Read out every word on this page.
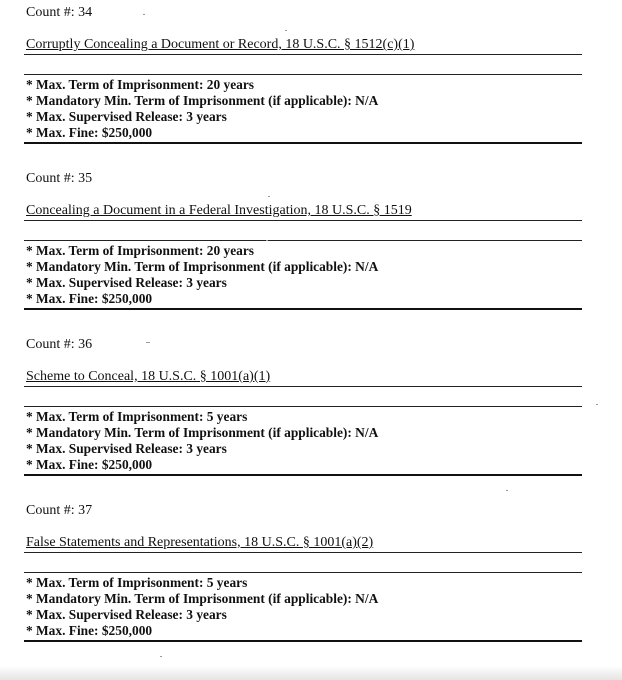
Count #: 34
Corruptly Concealing a Document or Record, 18 U.S.C. § 1512(c)(1)
* Max. Term of Imprisonment: 20 years
* Mandatory Min. Term of Imprisonment (if applicable): N/A
* Max. Supervised Release: 3 years
* Max. Fine: $250,000
Count #: 35
Concealing a Document in a Federal Investigation, 18 U.S.C. § 1519
* Max. Term of Imprisonment: 20 years
* Mandatory Min. Term of Imprisonment (if applicable): N/A
* Max. Supervised Release: 3 years
* Max. Fine: $250,000
Count #: 36
Scheme to Conceal, 18 U.S.C. § 1001(a)(1)
* Max. Term of Imprisonment: 5 years
* Mandatory Min. Term of Imprisonment (if applicable): N/A
* Max. Supervised Release: 3 years
* Max. Fine: $250,000
Count #: 37
False Statements and Representations, 18 U.S.C. § 1001(a)(2)
* Max. Term of Imprisonment: 5 years
* Mandatory Min. Term of Imprisonment (if applicable): N/A
* Max. Supervised Release: 3 years
* Max. Fine: $250,000
